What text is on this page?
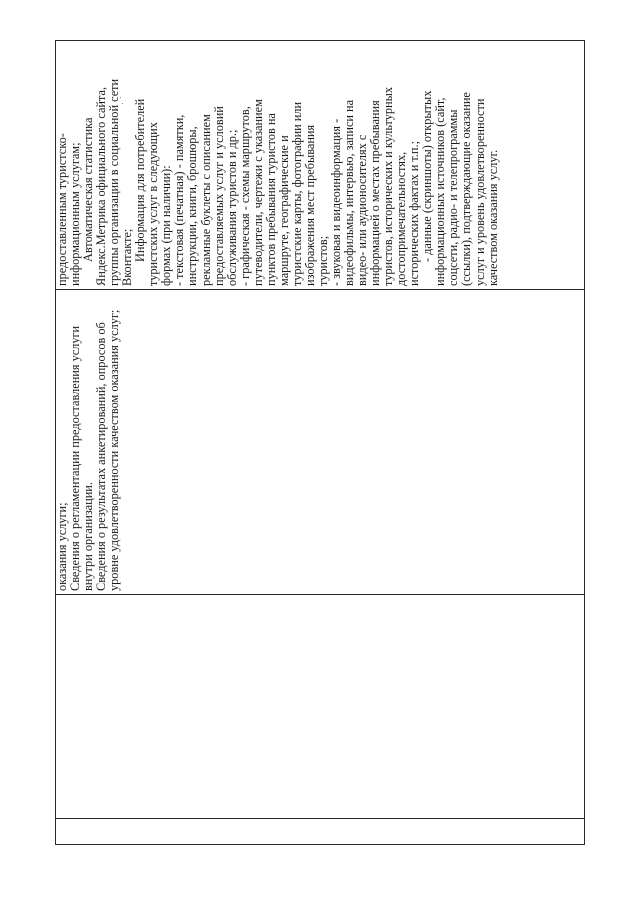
оказания услуги; Сведения о регламентации предоставления услуги внутри организации. Сведения о результатах анкетирований, опросов об уровне удовлетворенности качеством оказания услуг;
предоставленным туристско- информационным услугам; Автоматическая статистика Яндекс.Метрика официального сайта, группы организации в социальной сети Вконтакте; Информация для потребителей туристских услуг в следующих формах (при наличии): - текстовая (печатная) - памятки, инструкции, книги, брошюры, рекламные буклеты с описанием предоставляемых услуг и условий обслуживания туристов и др.; - графическая - схемы маршрутов, путеводители, чертежи с указанием пунктов пребывания туристов на маршруте, географические и туристские карты, фотографии или изображения мест пребывания туристов; - звуковая и видеоинформация - видеофильмы, интервью, записи на видео- или аудионосителях с информацией о местах пребывания туристов, исторических и культурных достопримечательностях, исторических фактах и т.п.; - данные (скриншоты) открытых информационных источников (сайт, соцсети, радио- и телепрограммы (ссылки), подтверждающие оказание услуг и уровень удовлетворенности качеством оказания услуг.
